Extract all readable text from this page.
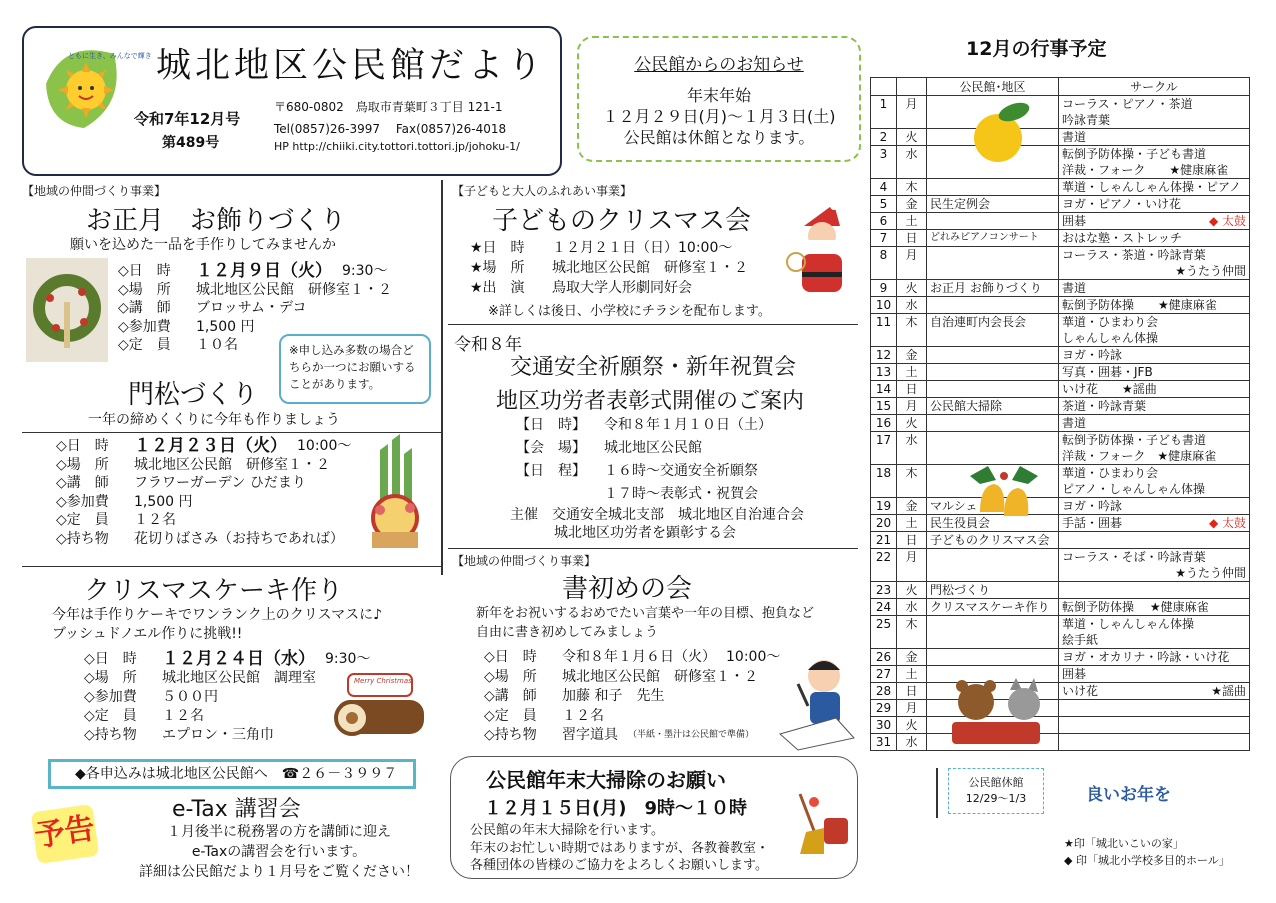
ともに生き、みんなで輝き 城北地区公民館だより
令和7年12月号
第489号
〒680-0802　鳥取市青葉町３丁目 121-1
Tel(0857)26-3997　 Fax(0857)26-4018
HP http://chiiki.city.tottori.tottori.jp/johoku-1/
公民館からのお知らせ
年末年始
１２月２９日(月)～１月３日(土)
公民館は休館となります。
【地域の仲間づくり事業】
お正月　お飾りづくり
願いを込めた一品を手作りしてみませんか
◇日　時	１２月９日（火） 9:30～
◇場　所	城北地区公民館　研修室１・２
◇講　師	ブロッサム・デコ
◇参加費	1,500 円
◇定　員	１０名	※申し込み多数の場合どちらか一つにお願いすることがあります。
門松づくり
一年の締めくくりに今年も作りましょう
◇日　時	１２月２３日（火） 10:00～
◇場　所	城北地区公民館　研修室１・２
◇講　師	フラワーガーデン ひだまり
◇参加費	1,500 円
◇定　員	１２名
◇持ち物	花切りばさみ（お持ちであれば）
クリスマスケーキ作り
今年は手作りケーキでワンランク上のクリスマスに♪
ブッシュドノエル作りに挑戦!!
◇日　時	１２月２４日（水） 9:30～
◇場　所	城北地区公民館　調理室
◇参加費	５００円
◇定　員	１２名
◇持ち物	エプロン・三角巾
Merry Christmas
◆各申込みは城北地区公民館へ　☎２６－３９９７
予告
e-Tax 講習会
１月後半に税務署の方を講師に迎え
e-Taxの講習会を行います。
詳細は公民館だより１月号をご覧ください！
【子どもと大人のふれあい事業】
子どものクリスマス会
★日　時	１２月２１日（日）10:00～
★場　所	城北地区公民館　研修室１・２
★出　演	鳥取大学人形劇同好会
※詳しくは後日、小学校にチラシを配布します。
令和８年
交通安全祈願祭・新年祝賀会
地区功労者表彰式開催のご案内
【日　時】	令和８年１月１０日（土）
【会　場】	城北地区公民館
【日　程】	１６時～交通安全祈願祭
１７時～表彰式・祝賀会
主催　 交通安全城北支部　城北地区自治連合会
城北地区功労者を顕彰する会
【地域の仲間づくり事業】
書初めの会
新年をお祝いするおめでたい言葉や一年の目標、抱負など
自由に書き初めしてみましょう
◇日　時	令和８年１月６日（火） 10:00～
◇場　所	城北地区公民館　研修室１・２
◇講　師	加藤 和子　先生
◇定　員	１２名
◇持ち物	習字道具 （半紙・墨汁は公民館で準備）
公民館年末大掃除のお願い
１２月１５日(月)　9時～１０時
公民館の年末大掃除を行います。
年末のお忙しい時期ではありますが、各教養教室・
各種団体の皆様のご協力をよろしくお願いします。
12月の行事予定
		公民館･地区	サークル
1	月		コーラス・ピアノ・茶道
吟詠青葉

2	火		書道

3	水		転倒予防体操・子ども書道
洋裁・フォーク　　★健康麻雀

4	木		華道・しゃんしゃん体操・ピアノ

5	金	民生定例会	ヨガ・ピアノ・いけ花

6	土		囲碁 ◆ 太鼓

7	日	どれみピアノコンサート	おはな塾・ストレッチ

8	月		コーラス・茶道・吟詠青葉
★うたう仲間

9	火	お正月 お飾りづくり	書道

10	水		転倒予防体操　　★健康麻雀

11	木	自治連町内会長会	華道・ひまわり会
しゃんしゃん体操

12	金		ヨガ・吟詠

13	土		写真・囲碁・JFB

14	日		いけ花　　★謡曲

15	月	公民館大掃除	茶道・吟詠青葉

16	火		書道

17	水		転倒予防体操・子ども書道
洋裁・フォーク　★健康麻雀

18	木		華道・ひまわり会
ピアノ・しゃんしゃん体操

19	金	マルシェ	ヨガ・吟詠

20	土	民生役員会	手話・囲碁 ◆ 太鼓

21	日	子どものクリスマス会	

22	月		コーラス・そば・吟詠青葉
★うたう仲間

23	火	門松づくり	

24	水	クリスマスケーキ作り	転倒予防体操　 ★健康麻雀

25	木		華道・しゃんしゃん体操
絵手紙

26	金		ヨガ・オカリナ・吟詠・いけ花

27	土		囲碁

28	日		いけ花 ★謡曲

29	月		

30	火		

31	水		
公民館休館
12/29～1/3	良いお年を
★印「城北いこいの家」
◆ 印「城北小学校多目的ホール」
